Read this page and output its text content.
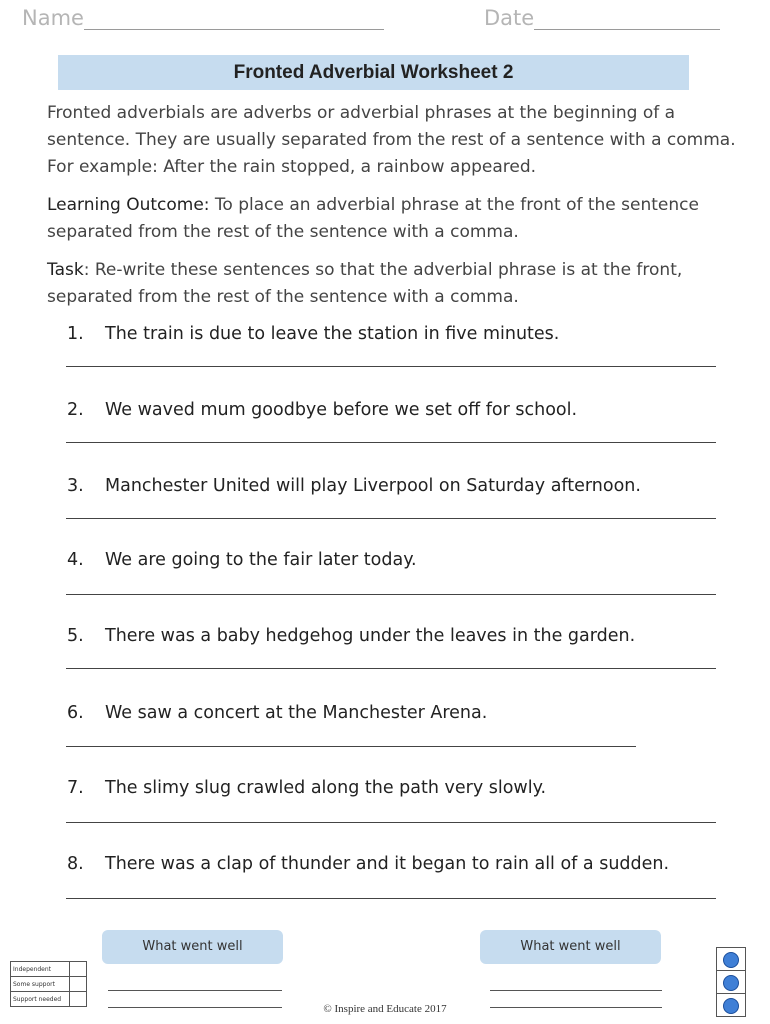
Name	Date
Fronted Adverbial Worksheet 2
Fronted adverbials are adverbs or adverbial phrases at the beginning of a sentence. They are usually separated from the rest of a sentence with a comma. For example: After the rain stopped, a rainbow appeared.
Learning Outcome: To place an adverbial phrase at the front of the sentence separated from the rest of the sentence with a comma.
Task: Re-write these sentences so that the adverbial phrase is at the front, separated from the rest of the sentence with a comma.
1. The train is due to leave the station in five minutes.
2. We waved mum goodbye before we set off for school.
3. Manchester United will play Liverpool on Saturday afternoon.
4. We are going to the fair later today.
5. There was a baby hedgehog under the leaves in the garden.
6. We saw a concert at the Manchester Arena.
7. The slimy slug crawled along the path very slowly.
8. There was a clap of thunder and it began to rain all of a sudden.
What went well	What went well
Independent	
Some support	
Support needed	

© Inspire and Educate 2017
